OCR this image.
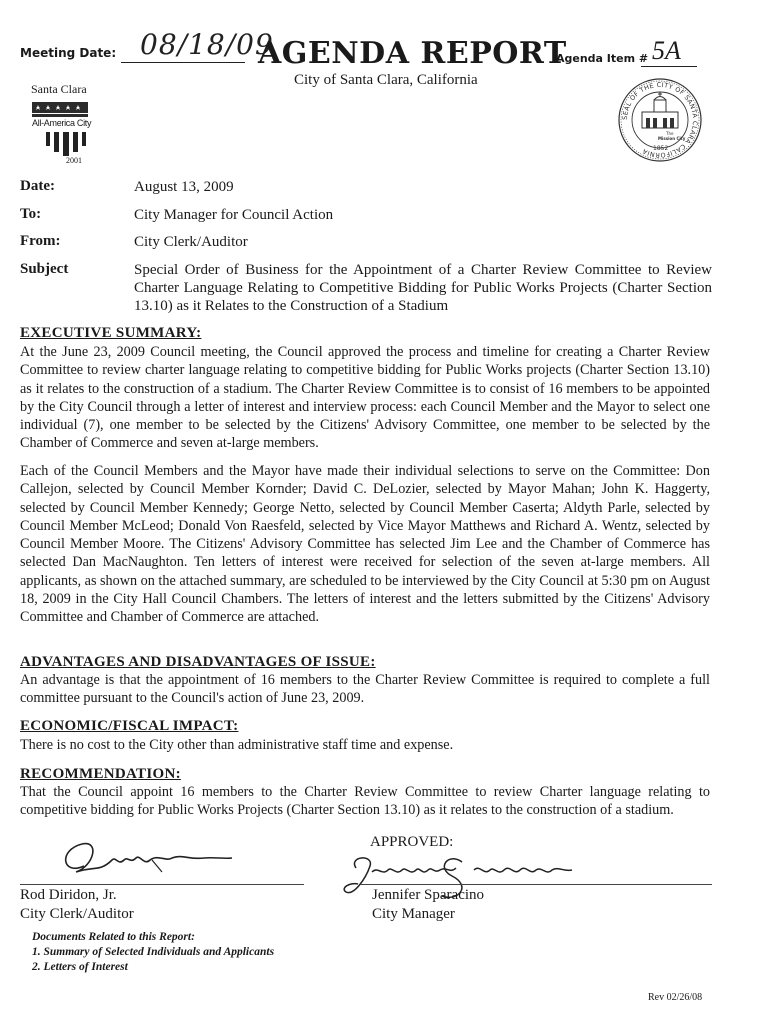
Meeting Date: 08/18/09
AGENDA REPORT
City of Santa Clara, California
Agenda Item # 5A
Santa Clara
All-America City
2001
SEAL OF THE CITY OF SANTA CLARA CALIFORNIA
The
Mission City
1852
Date:	August 13, 2009
To:	City Manager for Council Action
From:	City Clerk/Auditor
Subject	Special Order of Business for the Appointment of a Charter Review Committee to Review Charter Language Relating to Competitive Bidding for Public Works Projects (Charter Section 13.10) as it Relates to the Construction of a Stadium
EXECUTIVE SUMMARY:
At the June 23, 2009 Council meeting, the Council approved the process and timeline for creating a Charter Review Committee to review charter language relating to competitive bidding for Public Works projects (Charter Section 13.10) as it relates to the construction of a stadium. The Charter Review Committee is to consist of 16 members to be appointed by the City Council through a letter of interest and interview process: each Council Member and the Mayor to select one individual (7), one member to be selected by the Citizens' Advisory Committee, one member to be selected by the Chamber of Commerce and seven at-large members.
Each of the Council Members and the Mayor have made their individual selections to serve on the Committee: Don Callejon, selected by Council Member Kornder; David C. DeLozier, selected by Mayor Mahan; John K. Haggerty, selected by Council Member Kennedy; George Netto, selected by Council Member Caserta; Aldyth Parle, selected by Council Member McLeod; Donald Von Raesfeld, selected by Vice Mayor Matthews and Richard A. Wentz, selected by Council Member Moore. The Citizens' Advisory Committee has selected Jim Lee and the Chamber of Commerce has selected Dan MacNaughton. Ten letters of interest were received for selection of the seven at-large members. All applicants, as shown on the attached summary, are scheduled to be interviewed by the City Council at 5:30 pm on August 18, 2009 in the City Hall Council Chambers. The letters of interest and the letters submitted by the Citizens' Advisory Committee and Chamber of Commerce are attached.
ADVANTAGES AND DISADVANTAGES OF ISSUE:
An advantage is that the appointment of 16 members to the Charter Review Committee is required to complete a full committee pursuant to the Council's action of June 23, 2009.
ECONOMIC/FISCAL IMPACT:
There is no cost to the City other than administrative staff time and expense.
RECOMMENDATION:
That the Council appoint 16 members to the Charter Review Committee to review Charter language relating to competitive bidding for Public Works Projects (Charter Section 13.10) as it relates to the construction of a stadium.
APPROVED:
Rod Diridon, Jr.
City Clerk/Auditor
Jennifer Sparacino
City Manager
Documents Related to this Report:
1. Summary of Selected Individuals and Applicants
2. Letters of Interest
Rev 02/26/08
